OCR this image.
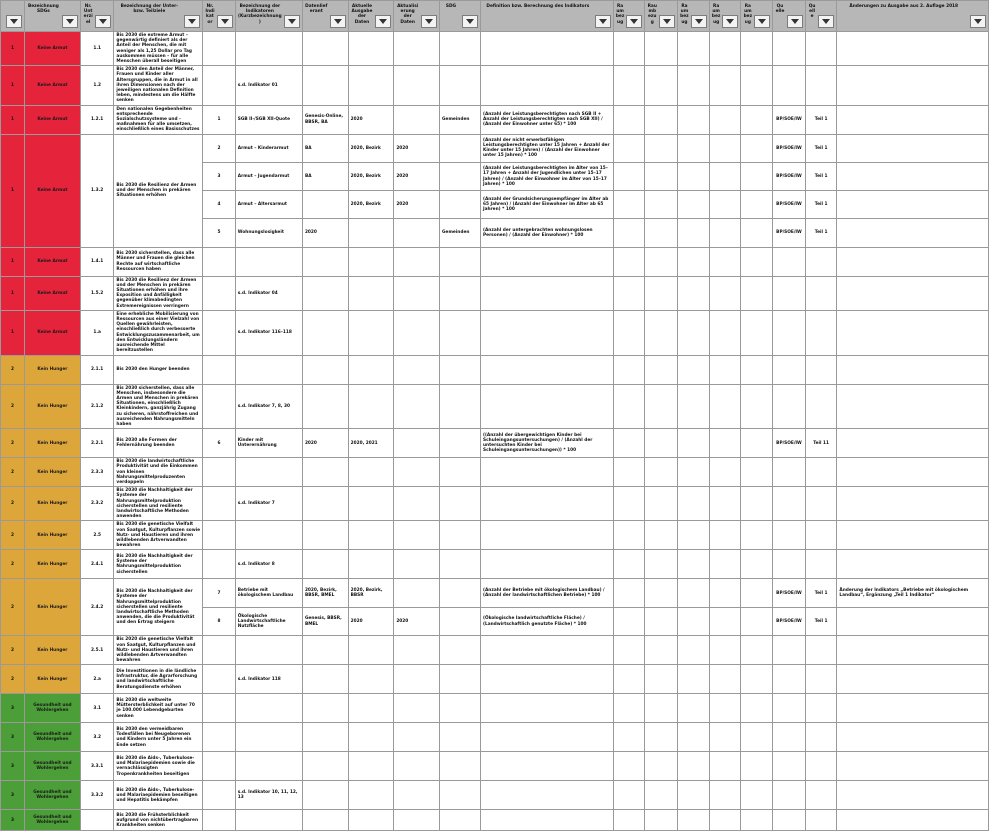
Bezeichnung SDGs	Nr. Unterziel	Bezeichnung der Unter-bzw. Teilziele	Nr. Indikator	Bezeichnung der Indikatoren (Kurzbezeichnung)	Datenlieferant	Aktuelle Ausgabe der Daten	Aktualisierung der Daten	SDG	Definition bzw. Berechnung des Indikators	Raumbezug	Raumbezug	Raumbezug	Raumbezug	Raumbezug	Quelle	Quelle	Änderungen zu Ausgabe aus 2. Auflage 2018

1	Keine Armut	1.1	Bis 2030 die extreme Armut – gegenwärtig definiert als der Anteil der Menschen, die mit weniger als 1,25 Dollar pro Tag auskommen müssen – für alle Menschen überall beseitigen															
1	Keine Armut	1.2	Bis 2030 den Anteil der Männer, Frauen und Kinder aller Altersgruppen, die in Armut in all ihren Dimensionen nach der jeweiligen nationalen Definition leben, mindestens um die Hälfte senken		s.d. Indikator 01													
1	Keine Armut	1.2.1	Den nationalen Gegebenheiten entsprechende Sozialschutzsysteme und -maßnahmen für alle umsetzen, einschließlich eines Basisschutzes	1	SGB II-/SGB XII-Quote	Genesis-Online, BBSR, BA	2020		Gemeinden	(Anzahl der Leistungsberechtigten nach SGB II + Anzahl der Leistungsberechtigten nach SGB XII) / (Anzahl der Einwohner unter 65) * 100						BP/SOE/IW	Teil 1	
1	Keine Armut	1.3.2	Bis 2030 die Resilienz der Armen und der Menschen in prekären Situationen erhöhen	2	Armut – Kinderarmut	BA	2020, Bezirk	2020		(Anzahl der nicht erwerbsfähigen Leistungsberechtigten unter 15 Jahren + Anzahl der Kinder unter 15 Jahren) / (Anzahl der Einwohner unter 15 Jahren) * 100						BP/SOE/IW	Teil 1	
				3	Armut – Jugendarmut	BA	2020, Bezirk	2020		(Anzahl der Leistungsberechtigten im Alter von 15–17 Jahren + Anzahl der Jugendlichen unter 15–17 Jahren) / (Anzahl der Einwohner im Alter von 15–17 Jahren) * 100						BP/SOE/IW	Teil 1	
				4	Armut – Altersarmut		2020, Bezirk	2020		(Anzahl der Grundsicherungsempfänger im Alter ab 65 Jahren) / (Anzahl der Einwohner im Alter ab 65 Jahren) * 100						BP/SOE/IW	Teil 1	
				5	Wohnungslosigkeit	2020			Gemeinden	(Anzahl der untergebrachten wohnungslosen Personen) / (Anzahl der Einwohner) * 100						BP/SOE/IW	Teil 1	
1	Keine Armut	1.4.1	Bis 2030 sicherstellen, dass alle Männer und Frauen die gleichen Rechte auf wirtschaftliche Ressourcen haben															
1	Keine Armut	1.5.2	Bis 2030 die Resilienz der Armen und der Menschen in prekären Situationen erhöhen und ihre Exposition und Anfälligkeit gegenüber klimabedingten Extremereignissen verringern		s.d. Indikator 04													
1	Keine Armut	1.a	Eine erhebliche Mobilisierung von Ressourcen aus einer Vielzahl von Quellen gewährleisten, einschließlich durch verbesserte Entwicklungszusammenarbeit, um den Entwicklungsländern ausreichende Mittel bereitzustellen		s.d. Indikator 116–118													
2	Kein Hunger	2.1.1	Bis 2030 den Hunger beenden															
2	Kein Hunger	2.1.2	Bis 2030 sicherstellen, dass alle Menschen, insbesondere die Armen und Menschen in prekären Situationen, einschließlich Kleinkindern, ganzjährig Zugang zu sicheren, nährstoffreichen und ausreichenden Nahrungsmitteln haben		s.d. Indikator 7, 8, 30													
2	Kein Hunger	2.2.1	Bis 2030 alle Formen der Fehlernährung beenden	6	Kinder mit Unterernährung	2020	2020, 2021			((Anzahl der übergewichtigen Kinder bei Schuleingangsuntersuchungen) / (Anzahl der untersuchten Kinder bei Schuleingangsuntersuchungen)) * 100						BP/SOE/IW	Teil 11	
2	Kein Hunger	2.3.3	Bis 2030 die landwirtschaftliche Produktivität und die Einkommen von kleinen Nahrungsmittelproduzenten verdoppeln															
2	Kein Hunger	2.3.2	Bis 2030 die Nachhaltigkeit der Systeme der Nahrungsmittelproduktion sicherstellen und resiliente landwirtschaftliche Methoden anwenden		s.d. Indikator 7													
2	Kein Hunger	2.5	Bis 2030 die genetische Vielfalt von Saatgut, Kulturpflanzen sowie Nutz- und Haustieren und ihren wildlebenden Artverwandten bewahren															
2	Kein Hunger	2.4.1	Bis 2030 die Nachhaltigkeit der Systeme der Nahrungsmittelproduktion sicherstellen		s.d. Indikator 8													
2	Kein Hunger	2.4.2	Bis 2030 die Nachhaltigkeit der Systeme der Nahrungsmittelproduktion sicherstellen und resiliente landwirtschaftliche Methoden anwenden, die die Produktivität und den Ertrag steigern	7	Betriebe mit ökologischem Landbau	2020, Bezirk, BBSR, BMEL	2020, Bezirk, BBSR			(Anzahl der Betriebe mit ökologischem Landbau) / (Anzahl der landwirtschaftlichen Betriebe) * 100						BP/SOE/IW	Teil 1	Änderung der Indikators „Betriebe mit ökologischem Landbau“, Ergänzung „Teil 1 Indikator“
				8	Ökologische Landwirtschaftliche Nutzfläche	Genesis, BBSR, BMEL	2020	2020		(Ökologische landwirtschaftliche Fläche) / (Landwirtschaftlich genutzte Fläche) * 100						BP/SOE/IW	Teil 1	
2	Kein Hunger	2.5.1	Bis 2020 die genetische Vielfalt von Saatgut, Kulturpflanzen und Nutz- und Haustieren und ihren wildlebenden Artverwandten bewahren															
2	Kein Hunger	2.a	Die Investitionen in die ländliche Infrastruktur, die Agrarforschung und landwirtschaftliche Beratungsdienste erhöhen		s.d. Indikator 118													
3	Gesundheit und Wohlergehen	3.1	Bis 2030 die weltweite Müttersterblichkeit auf unter 70 je 100.000 Lebendgeburten senken															
3	Gesundheit und Wohlergehen	3.2	Bis 2030 den vermeidbaren Todesfällen bei Neugeborenen und Kindern unter 5 Jahren ein Ende setzen															
3	Gesundheit und Wohlergehen	3.3.1	Bis 2030 die Aids-, Tuberkulose- und Malariaepidemien sowie die vernachlässigten Tropenkrankheiten beseitigen															
3	Gesundheit und Wohlergehen	3.3.2	Bis 2030 die Aids-, Tuberkulose- und Malariaepidemien beseitigen und Hepatitis bekämpfen		s.d. Indikator 10, 11, 12, 13													
3	Gesundheit und Wohlergehen		Bis 2030 die Frühsterblichkeit aufgrund von nichtübertragbaren Krankheiten senken															
